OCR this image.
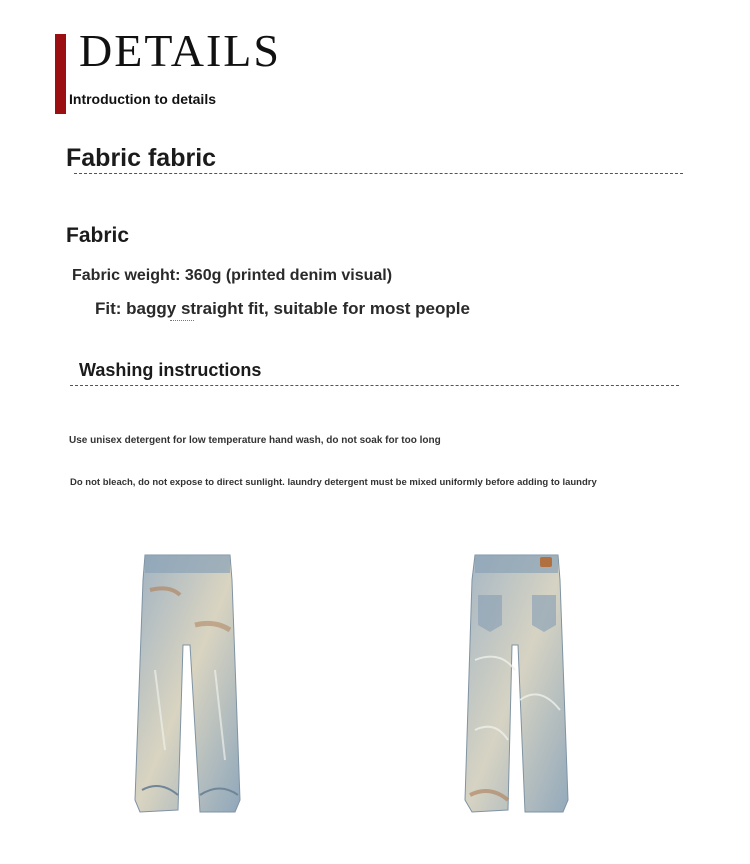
DETAILS
Introduction to details
Fabric fabric
Fabric
Fabric weight: 360g (printed denim visual)
Fit: baggy straight fit, suitable for most people
Washing instructions
Use unisex detergent for low temperature hand wash, do not soak for too long
Do not bleach, do not expose to direct sunlight. laundry detergent must be mixed uniformly before adding to laundry
